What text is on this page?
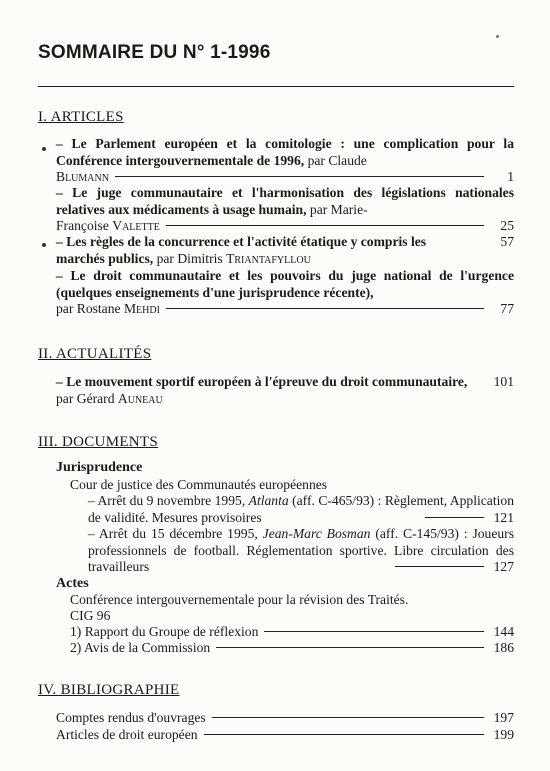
SOMMAIRE DU N° 1-1996
I. ARTICLES
– Le Parlement européen et la comitologie : une complication pour la Conférence intergouvernementale de 1996, par Claude
Blumann	1
– Le juge communautaire et l'harmonisation des législations nationales relatives aux médicaments à usage humain, par Marie-
Françoise Valette	25
– Les règles de la concurrence et l'activité étatique y compris les marchés publics, par Dimitris Triantafyllou
57
– Le droit communautaire et les pouvoirs du juge national de l'urgence (quelques enseignements d'une jurisprudence récente),
par Rostane Mehdi	77
II. ACTUALITÉS
– Le mouvement sportif européen à l'épreuve du droit communautaire, par Gérard Auneau
101
III. DOCUMENTS
Jurisprudence
Cour de justice des Communautés européennes
– Arrêt du 9 novembre 1995, Atlanta (aff. C-465/93) : Règlement, Application de validité. Mesures provisoires	121
– Arrêt du 15 décembre 1995, Jean-Marc Bosman (aff. C-145/93) : Joueurs professionnels de football. Réglementation sportive. Libre circulation des travailleurs	127
Actes
Conférence intergouvernementale pour la révision des Traités.
CIG 96
1) Rapport du Groupe de réflexion	144
2) Avis de la Commission	186
IV. BIBLIOGRAPHIE
Comptes rendus d'ouvrages	197
Articles de droit européen	199
